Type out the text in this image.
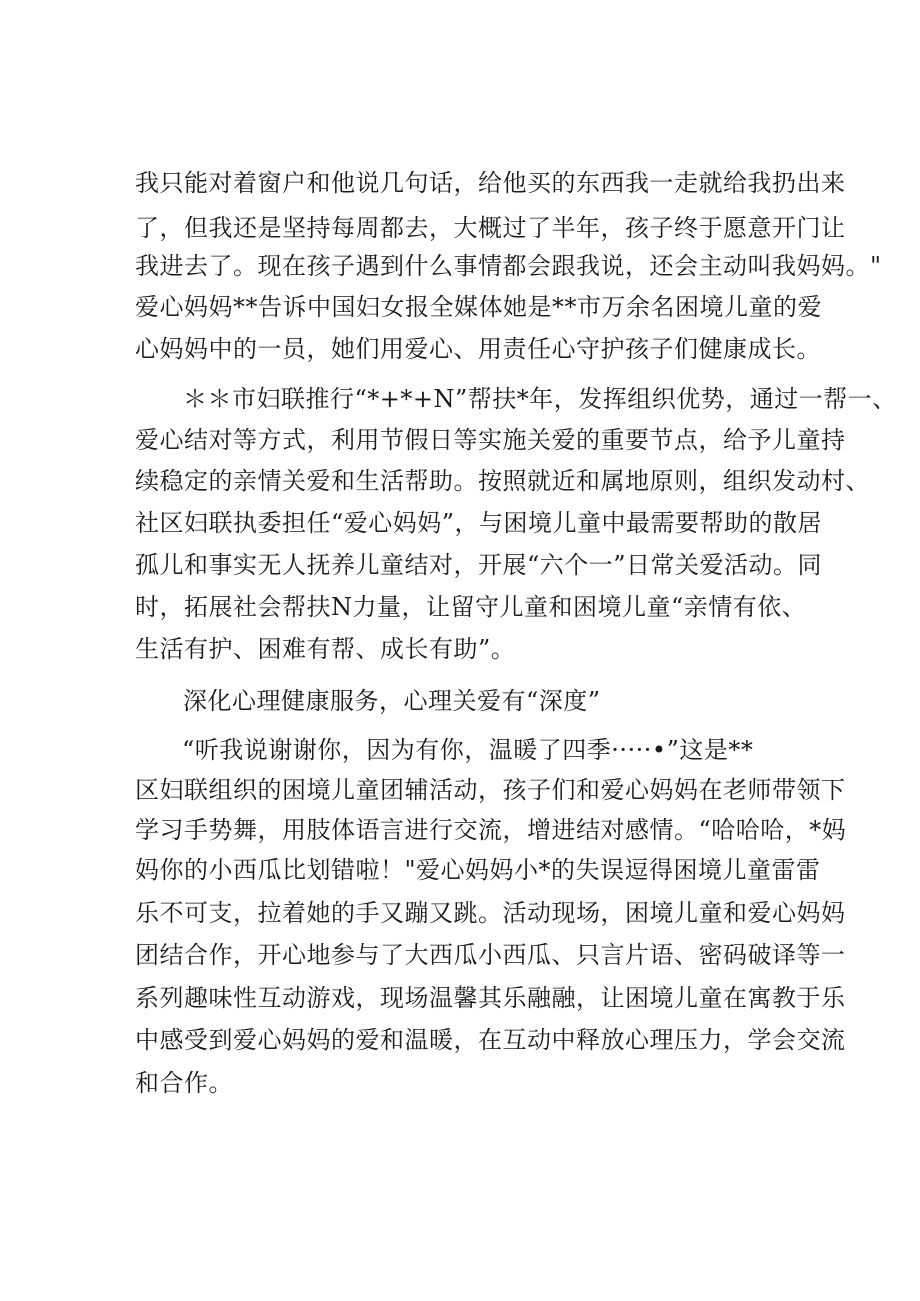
我只能对着窗户和他说几句话，给他买的东西我一走就给我扔出来
了，但我还是坚持每周都去，大概过了半年，孩子终于愿意开门让
我进去了。现在孩子遇到什么事情都会跟我说，还会主动叫我妈妈。"
爱心妈妈**告诉中国妇女报全媒体她是**市万余名困境儿童的爱
心妈妈中的一员，她们用爱心、用责任心守护孩子们健康成长。
＊＊市妇联推行“*+*+N”帮扶*年，发挥组织优势，通过一帮一、
爱心结对等方式，利用节假日等实施关爱的重要节点，给予儿童持
续稳定的亲情关爱和生活帮助。按照就近和属地原则，组织发动村、
社区妇联执委担任“爱心妈妈”，与困境儿童中最需要帮助的散居
孤儿和事实无人抚养儿童结对，开展“六个一”日常关爱活动。同
时，拓展社会帮扶N力量，让留守儿童和困境儿童“亲情有依、
生活有护、困难有帮、成长有助”。
深化心理健康服务，心理关爱有“深度”
“听我说谢谢你，因为有你，温暖了四季·····•”这是**
区妇联组织的困境儿童团辅活动，孩子们和爱心妈妈在老师带领下
学习手势舞，用肢体语言进行交流，增进结对感情。“哈哈哈，*妈
妈你的小西瓜比划错啦！"爱心妈妈小*的失误逗得困境儿童雷雷
乐不可支，拉着她的手又蹦又跳。活动现场，困境儿童和爱心妈妈
团结合作，开心地参与了大西瓜小西瓜、只言片语、密码破译等一
系列趣味性互动游戏，现场温馨其乐融融，让困境儿童在寓教于乐
中感受到爱心妈妈的爱和温暖，在互动中释放心理压力，学会交流
和合作。
